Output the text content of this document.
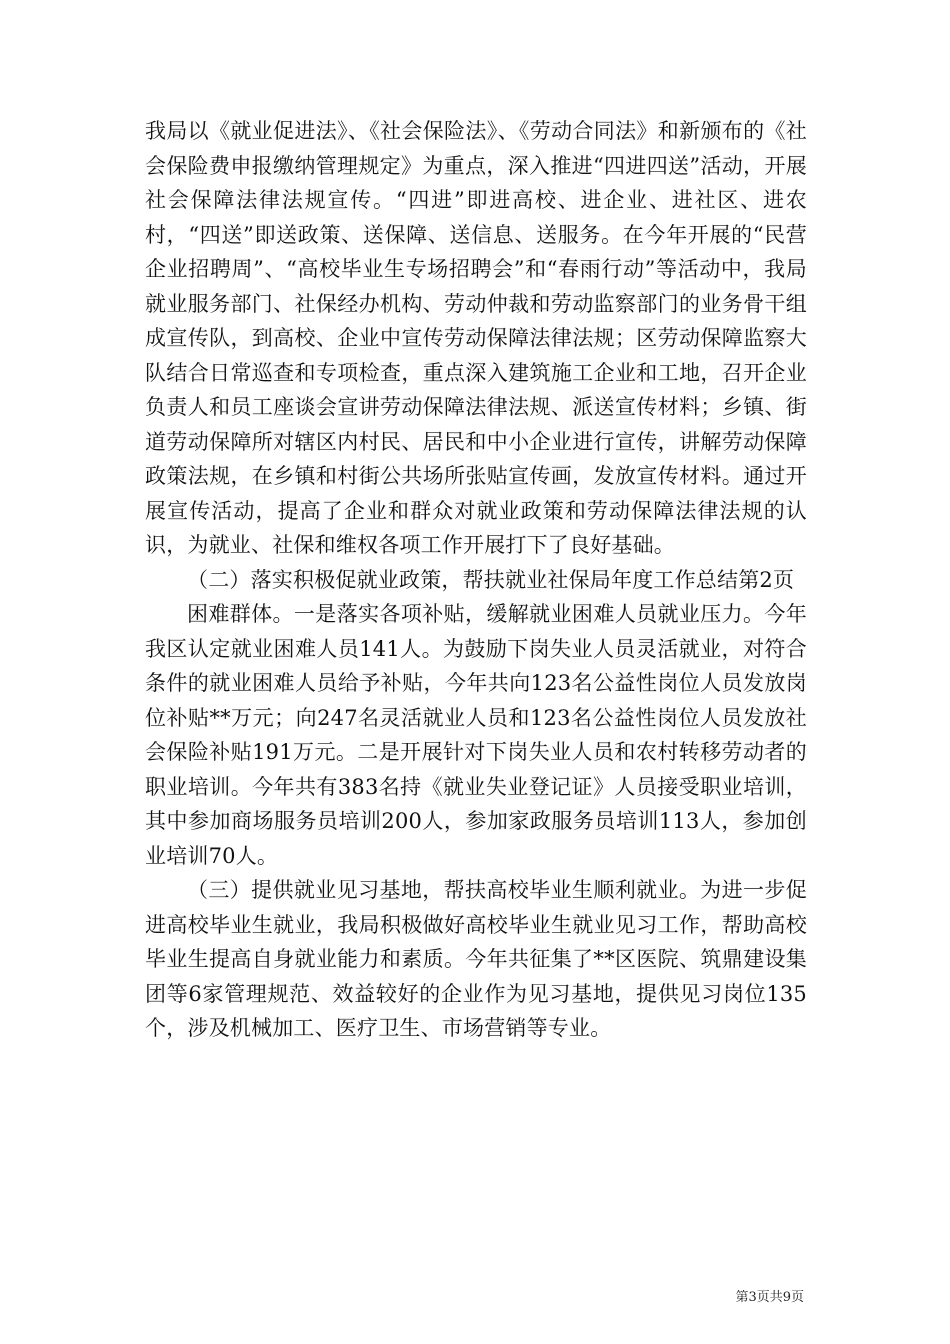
我局以《就业促进法》、《社会保险法》、《劳动合同法》和新颁布的《社会保险费申报缴纳管理规定》为重点，深入推进“四进四送”活动，开展社会保障法律法规宣传。“四进”即进高校、进企业、进社区、进农村，“四送”即送政策、送保障、送信息、送服务。在今年开展的“民营企业招聘周”、“高校毕业生专场招聘会”和“春雨行动”等活动中，我局就业服务部门、社保经办机构、劳动仲裁和劳动监察部门的业务骨干组成宣传队，到高校、企业中宣传劳动保障法律法规；区劳动保障监察大队结合日常巡查和专项检查，重点深入建筑施工企业和工地，召开企业负责人和员工座谈会宣讲劳动保障法律法规、派送宣传材料；乡镇、街道劳动保障所对辖区内村民、居民和中小企业进行宣传，讲解劳动保障政策法规，在乡镇和村街公共场所张贴宣传画，发放宣传材料。通过开展宣传活动，提高了企业和群众对就业政策和劳动保障法律法规的认识，为就业、社保和维权各项工作开展打下了良好基础。

（二）落实积极促就业政策，帮扶就业社保局年度工作总结第2页

困难群体。一是落实各项补贴，缓解就业困难人员就业压力。今年我区认定就业困难人员141人。为鼓励下岗失业人员灵活就业，对符合条件的就业困难人员给予补贴，今年共向123名公益性岗位人员发放岗位补贴**万元；向247名灵活就业人员和123名公益性岗位人员发放社会保险补贴191万元。二是开展针对下岗失业人员和农村转移劳动者的职业培训。今年共有383名持《就业失业登记证》人员接受职业培训，其中参加商场服务员培训200人，参加家政服务员培训113人，参加创业培训70人。

（三）提供就业见习基地，帮扶高校毕业生顺利就业。为进一步促进高校毕业生就业，我局积极做好高校毕业生就业见习工作，帮助高校毕业生提高自身就业能力和素质。今年共征集了**区医院、筑鼎建设集团等6家管理规范、效益较好的企业作为见习基地，提供见习岗位135个，涉及机械加工、医疗卫生、市场营销等专业。

第3页共9页
